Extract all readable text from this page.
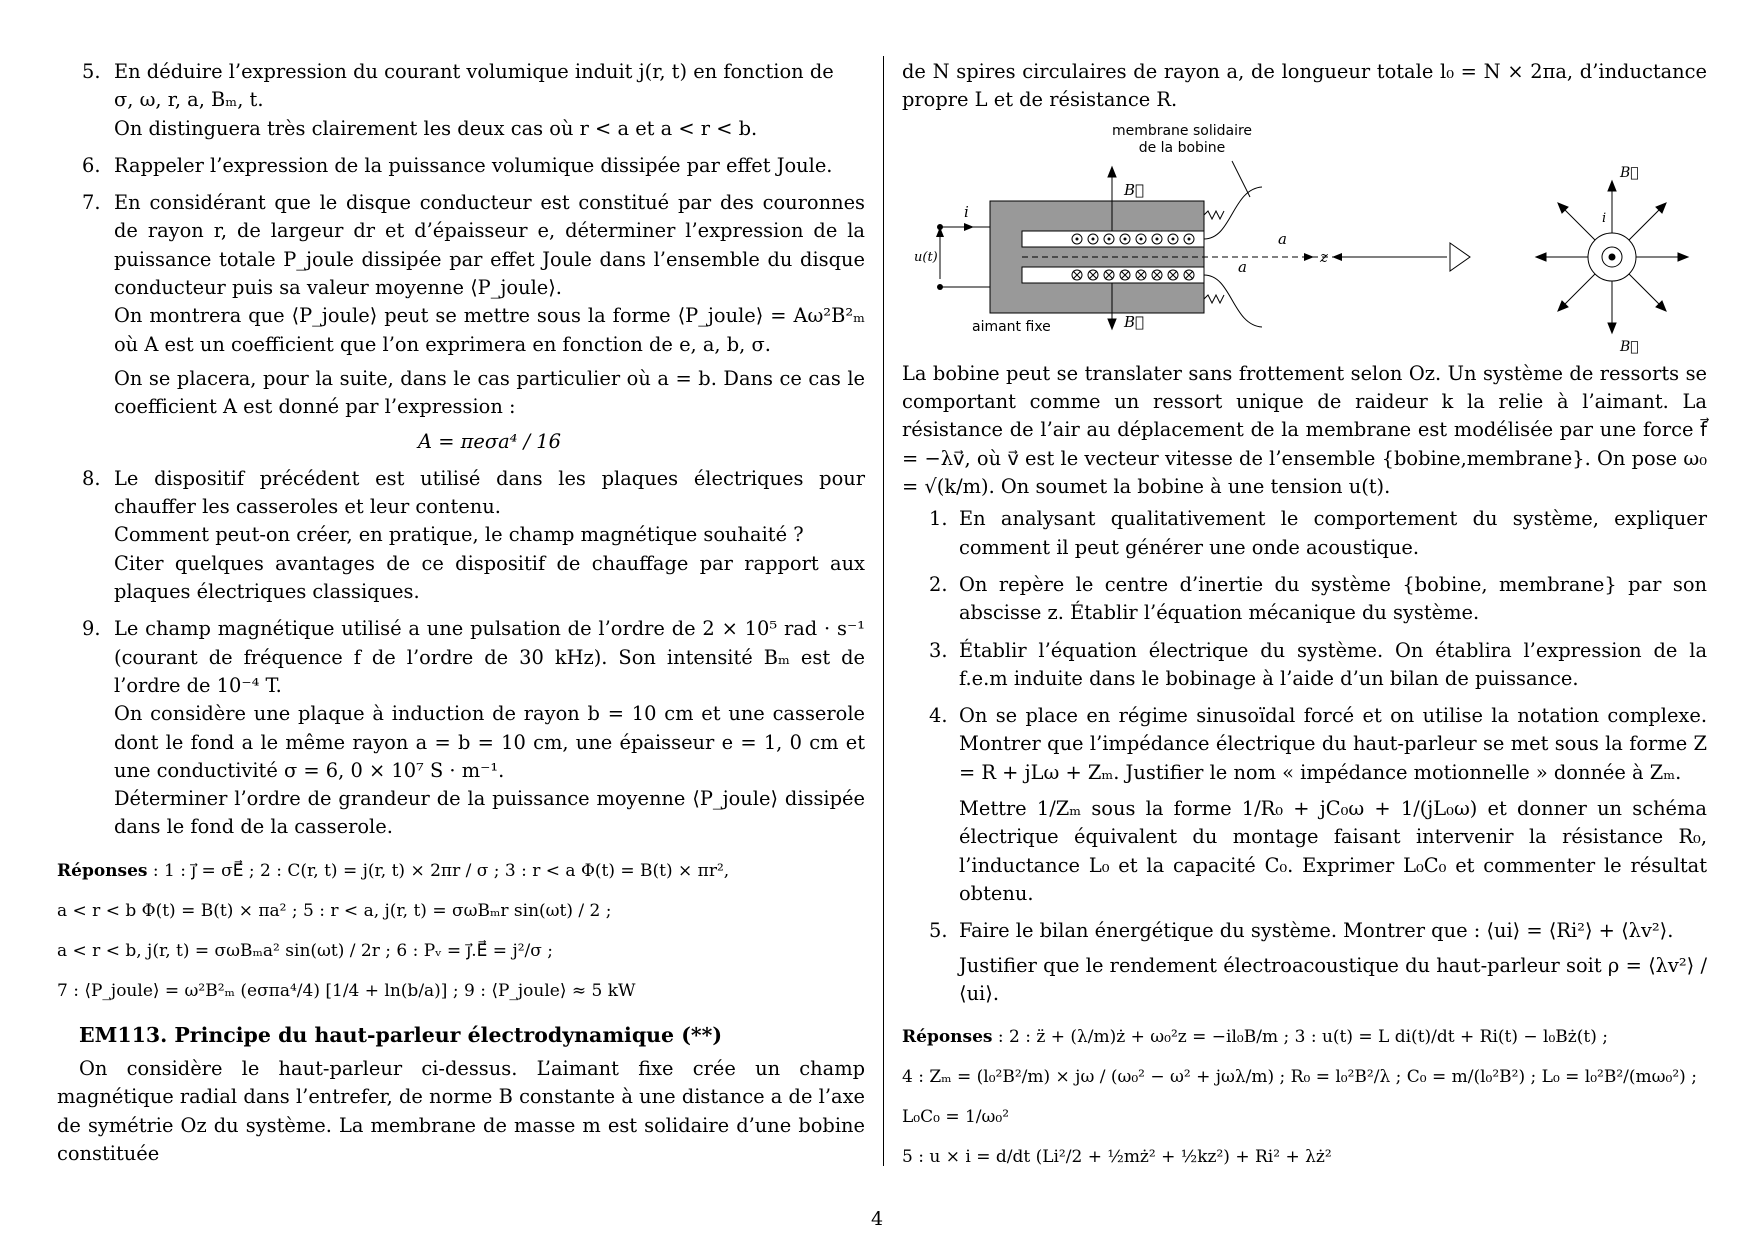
5. En déduire l’expression du courant volumique induit j(r, t) en fonction de

σ, ω, r, a, Bₘ, t.

On distinguera très clairement les deux cas où r < a et a < r < b.

6. Rappeler l’expression de la puissance volumique dissipée par effet Joule.

7. En considérant que le disque conducteur est constitué par des couronnes de rayon r, de largeur dr et d’épaisseur e, déterminer l’expression de la puissance totale P_joule dissipée par effet Joule dans l’ensemble du disque conducteur puis sa valeur moyenne ⟨P_joule⟩.

On montrera que ⟨P_joule⟩ peut se mettre sous la forme ⟨P_joule⟩ = Aω²B²ₘ où A est un coefficient que l’on exprimera en fonction de e, a, b, σ.

On se placera, pour la suite, dans le cas particulier où a = b. Dans ce cas le coefficient A est donné par l’expression :

A = πeσa⁴ / 16

8. Le dispositif précédent est utilisé dans les plaques électriques pour chauffer les casseroles et leur contenu.

Comment peut-on créer, en pratique, le champ magnétique souhaité ?

Citer quelques avantages de ce dispositif de chauffage par rapport aux plaques électriques classiques.

9. Le champ magnétique utilisé a une pulsation de l’ordre de 2 × 10⁵ rad · s⁻¹ (courant de fréquence f de l’ordre de 30 kHz). Son intensité Bₘ est de l’ordre de 10⁻⁴ T.

On considère une plaque à induction de rayon b = 10 cm et une casserole dont le fond a le même rayon a = b = 10 cm, une épaisseur e = 1, 0 cm et une conductivité σ = 6, 0 × 10⁷ S · m⁻¹.

Déterminer l’ordre de grandeur de la puissance moyenne ⟨P_joule⟩ dissipée dans le fond de la casserole.

Réponses : 1 : j⃗ = σE⃗ ; 2 : C(r, t) = j(r, t) × 2πr / σ ; 3 : r < a Φ(t) = B(t) × πr²,
a < r < b Φ(t) = B(t) × πa² ; 5 : r < a, j(r, t) = σωBₘr sin(ωt) / 2 ;
a < r < b, j(r, t) = σωBₘa² sin(ωt) / 2r ; 6 : Pᵥ = j⃗.E⃗ = j²/σ ;
7 : ⟨P_joule⟩ = ω²B²ₘ (eσπa⁴/4) [1/4 + ln(b/a)] ; 9 : ⟨P_joule⟩ ≈ 5 kW
EM113. Principe du haut-parleur électrodynamique (**)

On considère le haut-parleur ci-dessus. L’aimant fixe crée un champ magnétique radial dans l’entrefer, de norme B constante à une distance a de l’axe de symétrie Oz du système. La membrane de masse m est solidaire d’une bobine constituée

de N spires circulaires de rayon a, de longueur totale l₀ = N × 2πa, d’inductance propre L et de résistance R.

membrane solidaire
de la bobine
aimant fixe
B⃗
B⃗
z
a
a
u(t)
i
B⃗
B⃗
i

La bobine peut se translater sans frottement selon Oz. Un système de ressorts se comportant comme un ressort unique de raideur k la relie à l’aimant. La résistance de l’air au déplacement de la membrane est modélisée par une force f⃗ = −λv⃗, où v⃗ est le vecteur vitesse de l’ensemble {bobine,membrane}. On pose ω₀ = √(k/m). On soumet la bobine à une tension u(t).

1. En analysant qualitativement le comportement du système, expliquer comment il peut générer une onde acoustique.

2. On repère le centre d’inertie du système {bobine, membrane} par son abscisse z. Établir l’équation mécanique du système.

3. Établir l’équation électrique du système. On établira l’expression de la f.e.m induite dans le bobinage à l’aide d’un bilan de puissance.

4. On se place en régime sinusoïdal forcé et on utilise la notation complexe. Montrer que l’impédance électrique du haut-parleur se met sous la forme Z = R + jLω + Zₘ. Justifier le nom « impédance motionnelle » donnée à Zₘ.

Mettre 1/Zₘ sous la forme 1/R₀ + jC₀ω + 1/(jL₀ω) et donner un schéma électrique équivalent du montage faisant intervenir la résistance R₀, l’inductance L₀ et la capacité C₀. Exprimer L₀C₀ et commenter le résultat obtenu.

5. Faire le bilan énergétique du système. Montrer que : ⟨ui⟩ = ⟨Ri²⟩ + ⟨λv²⟩.

Justifier que le rendement électroacoustique du haut-parleur soit ρ = ⟨λv²⟩ / ⟨ui⟩.

Réponses : 2 : z̈ + (λ/m)ż + ω₀²z = −il₀B/m ; 3 : u(t) = L di(t)/dt + Ri(t) − l₀Bż(t) ;
4 : Zₘ = (l₀²B²/m) × jω / (ω₀² − ω² + jωλ/m) ; R₀ = l₀²B²/λ ; C₀ = m/(l₀²B²) ; L₀ = l₀²B²/(mω₀²) ; L₀C₀ = 1/ω₀²
5 : u × i = d/dt (Li²/2 + ½mż² + ½kz²) + Ri² + λż²
4
